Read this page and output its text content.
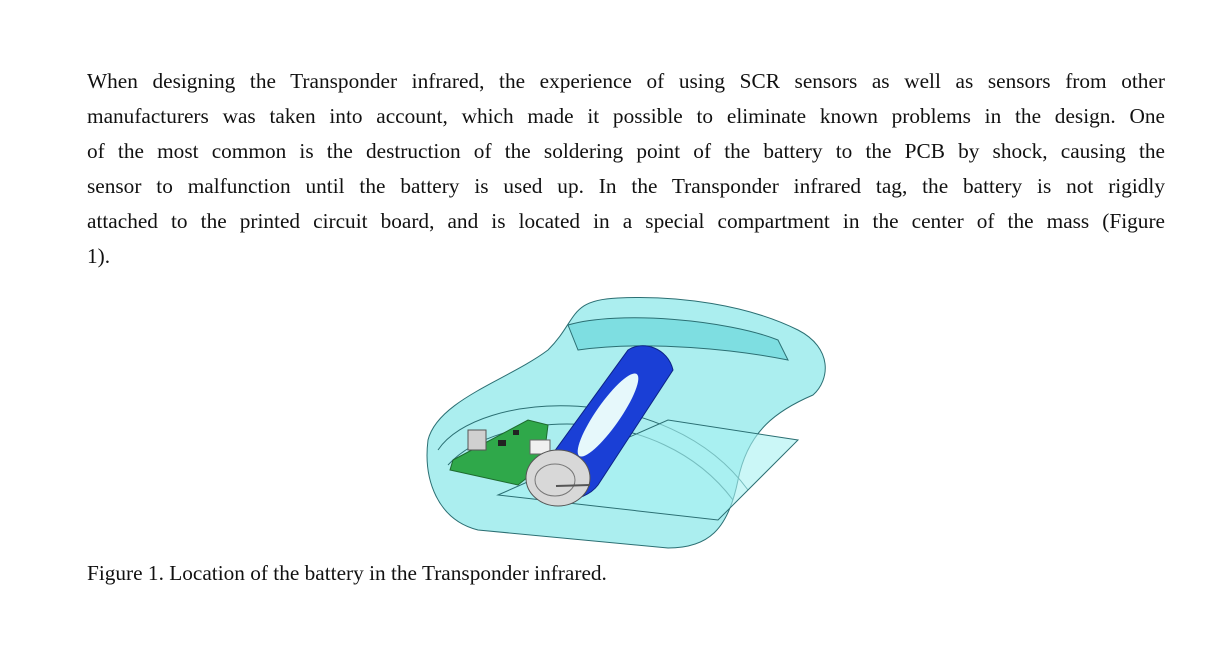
When designing the Transponder infrared, the experience of using SCR sensors as well as sensors from other
manufacturers was taken into account, which made it possible to eliminate known problems in the design. One
of the most common is the destruction of the soldering point of the battery to the PCB by shock, causing the
sensor to malfunction until the battery is used up. In the Transponder infrared tag, the battery is not rigidly
attached to the printed circuit board, and is located in a special compartment in the center of the mass (Figure
1).
Figure 1. Location of the battery in the Transponder infrared.
